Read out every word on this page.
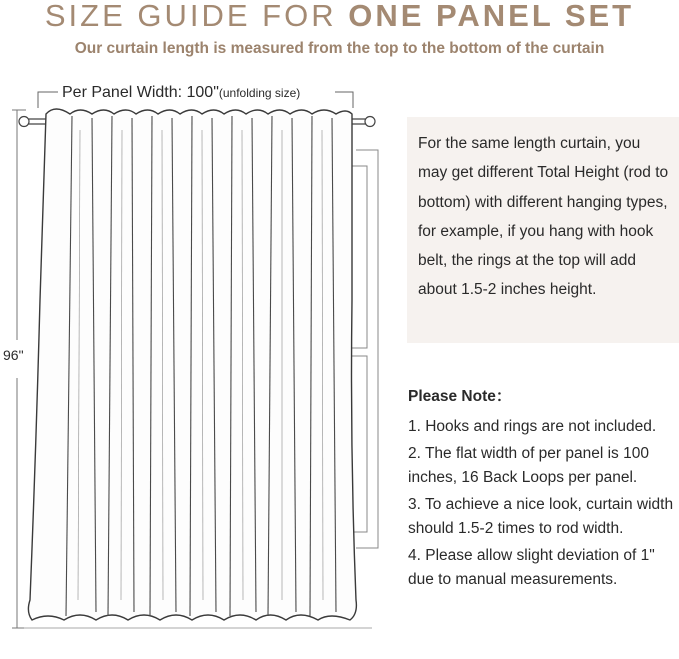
SIZE GUIDE FOR ONE PANEL SET
Our curtain length is measured from the top to the bottom of the curtain
Per Panel Width: 100"(unfolding size)
96"
For the same length curtain, you may get different Total Height (rod to bottom) with different hanging types, for example, if you hang with hook belt, the rings at the top will add about 1.5-2 inches height.
Please Note：
1. Hooks and rings are not included.
2. The flat width of per panel is 100 inches, 16 Back Loops per panel.
3. To achieve a nice look, curtain width should 1.5-2 times to rod width.
4. Please allow slight deviation of 1" due to manual measurements.
